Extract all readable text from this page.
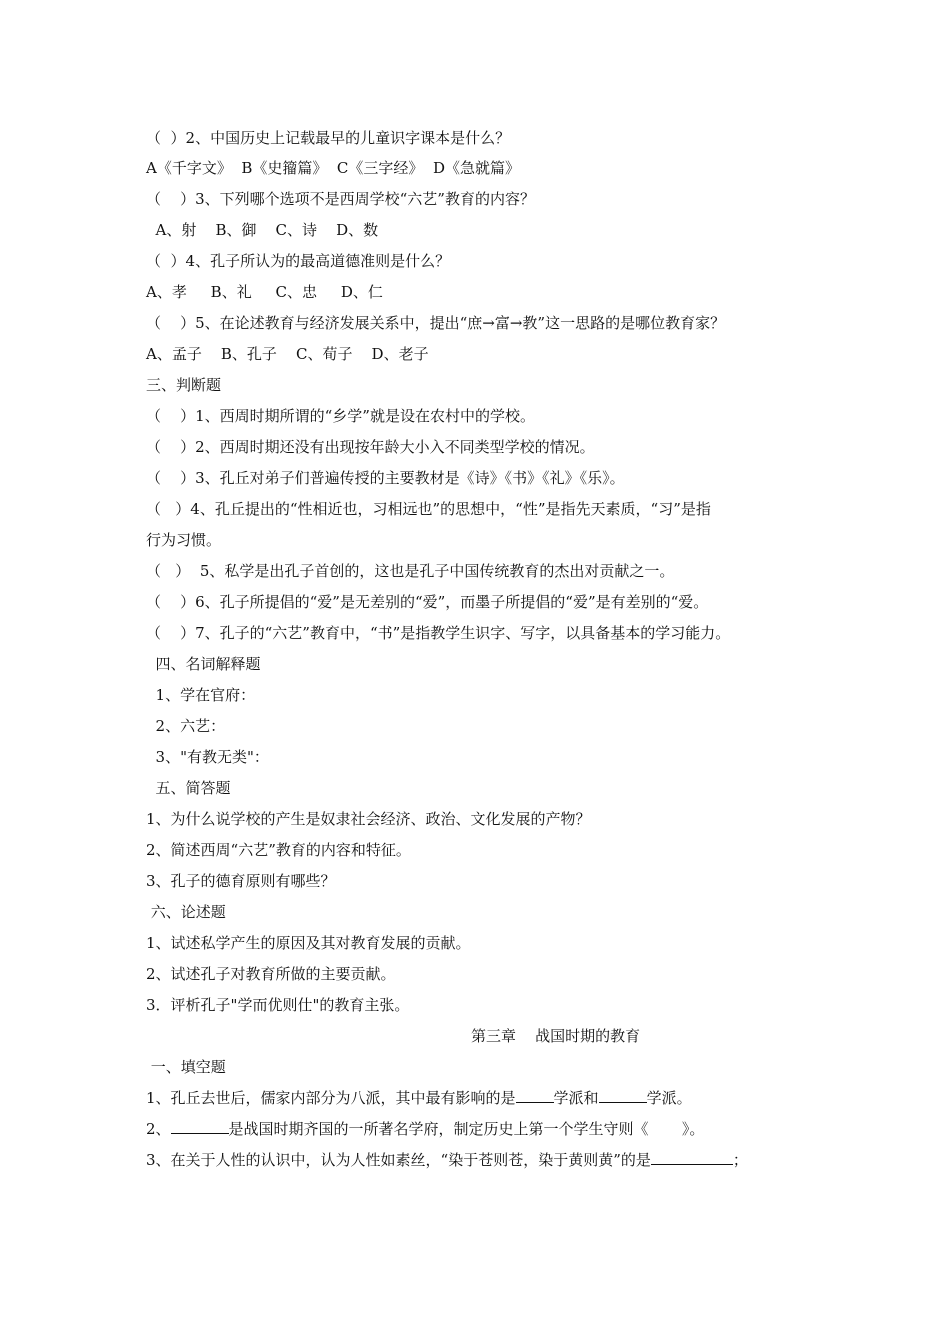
（  ）2、中国历史上记载最早的儿童识字课本是什么？
A《千字文》  B《史籀篇》  C《三字经》  D《急就篇》
（    ）3、下列哪个选项不是西周学校“六艺”教育的内容？
A、射    B、御    C、诗    D、数
（  ）4、孔子所认为的最高道德准则是什么？
A、孝     B、礼     C、忠     D、仁
（    ）5、在论述教育与经济发展关系中，提出“庶→富→教”这一思路的是哪位教育家？
A、孟子    B、孔子    C、荀子    D、老子
三、判断题
（    ）1、西周时期所谓的“乡学”就是设在农村中的学校。
（    ）2、西周时期还没有出现按年龄大小入不同类型学校的情况。
（    ）3、孔丘对弟子们普遍传授的主要教材是《诗》《书》《礼》《乐》。
（   ）4、孔丘提出的“性相近也，习相远也”的思想中，“性”是指先天素质，“习”是指
行为习惯。
（   ）  5、私学是出孔子首创的，这也是孔子中国传统教育的杰出对贡献之一。
（    ）6、孔子所提倡的“爱”是无差别的“爱”，而墨子所提倡的“爱”是有差别的“爱。
（    ）7、孔子的“六艺”教育中，“书”是指教学生识字、写字，以具备基本的学习能力。
四、名词解释题
1、学在官府：
2、六艺：
3、"有教无类"：
五、简答题
1、为什么说学校的产生是奴隶社会经济、政治、文化发展的产物？
2、简述西周“六艺”教育的内容和特征。
3、孔子的德育原则有哪些？
六、论述题
1、试述私学产生的原因及其对教育发展的贡献。
2、试述孔子对教育所做的主要贡献。
3．评析孔子"学而优则仕"的教育主张。
第三章    战国时期的教育
一、填空题
1、孔丘去世后，儒家内部分为八派，其中最有影响的是	学派和	学派。
2、	是战国时期齐国的一所著名学府，制定历史上第一个学生守则《       》。
3、在关于人性的认识中，认为人性如素丝，“染于苍则苍，染于黄则黄”的是	；
